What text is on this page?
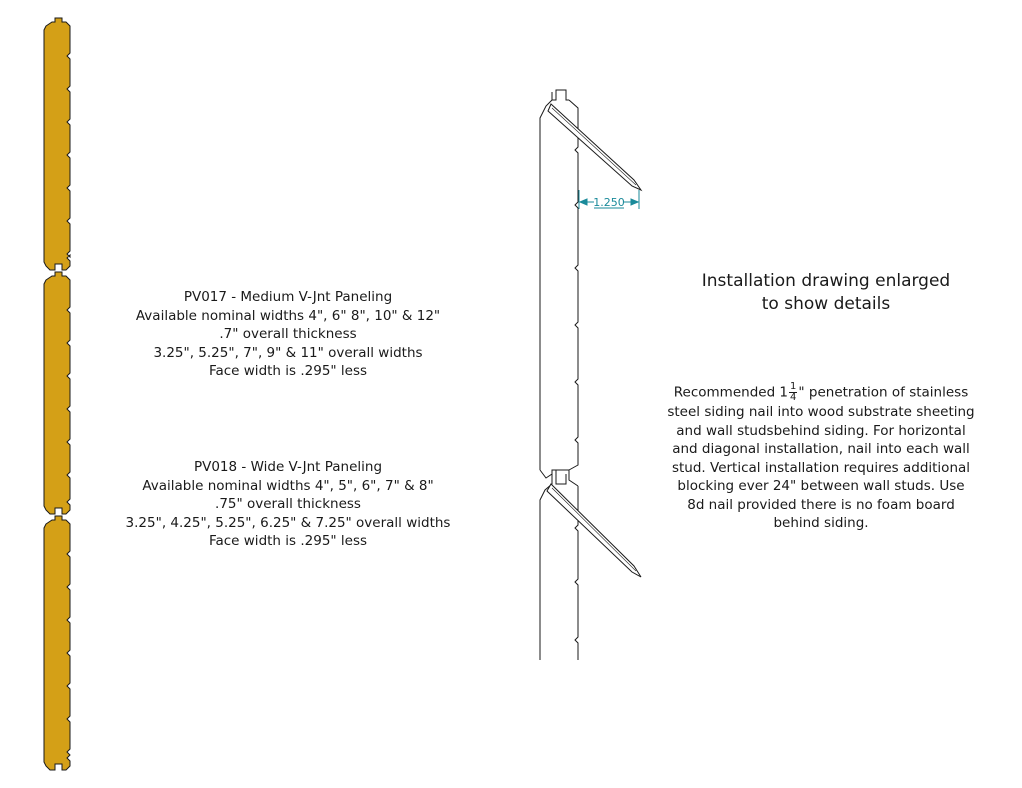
1.250
PV017 - Medium V-Jnt Paneling
Available nominal widths 4", 6" 8", 10" & 12"
.7" overall thickness
3.25", 5.25", 7", 9" & 11" overall widths
Face width is .295" less
PV018 - Wide V-Jnt Paneling
Available nominal widths 4", 5", 6", 7" & 8"
.75" overall thickness
3.25", 4.25", 5.25", 6.25" & 7.25" overall widths
Face width is .295" less
Installation drawing enlarged
to show details
Recommended $1 \frac{1}{4}$ " penetration of stainless
steel siding nail into wood substrate sheeting
and wall studsbehind siding. For horizontal
and diagonal installation, nail into each wall
stud. Vertical installation requires additional
blocking ever 24" between wall studs. Use
8d nail provided there is no foam board
behind siding.
